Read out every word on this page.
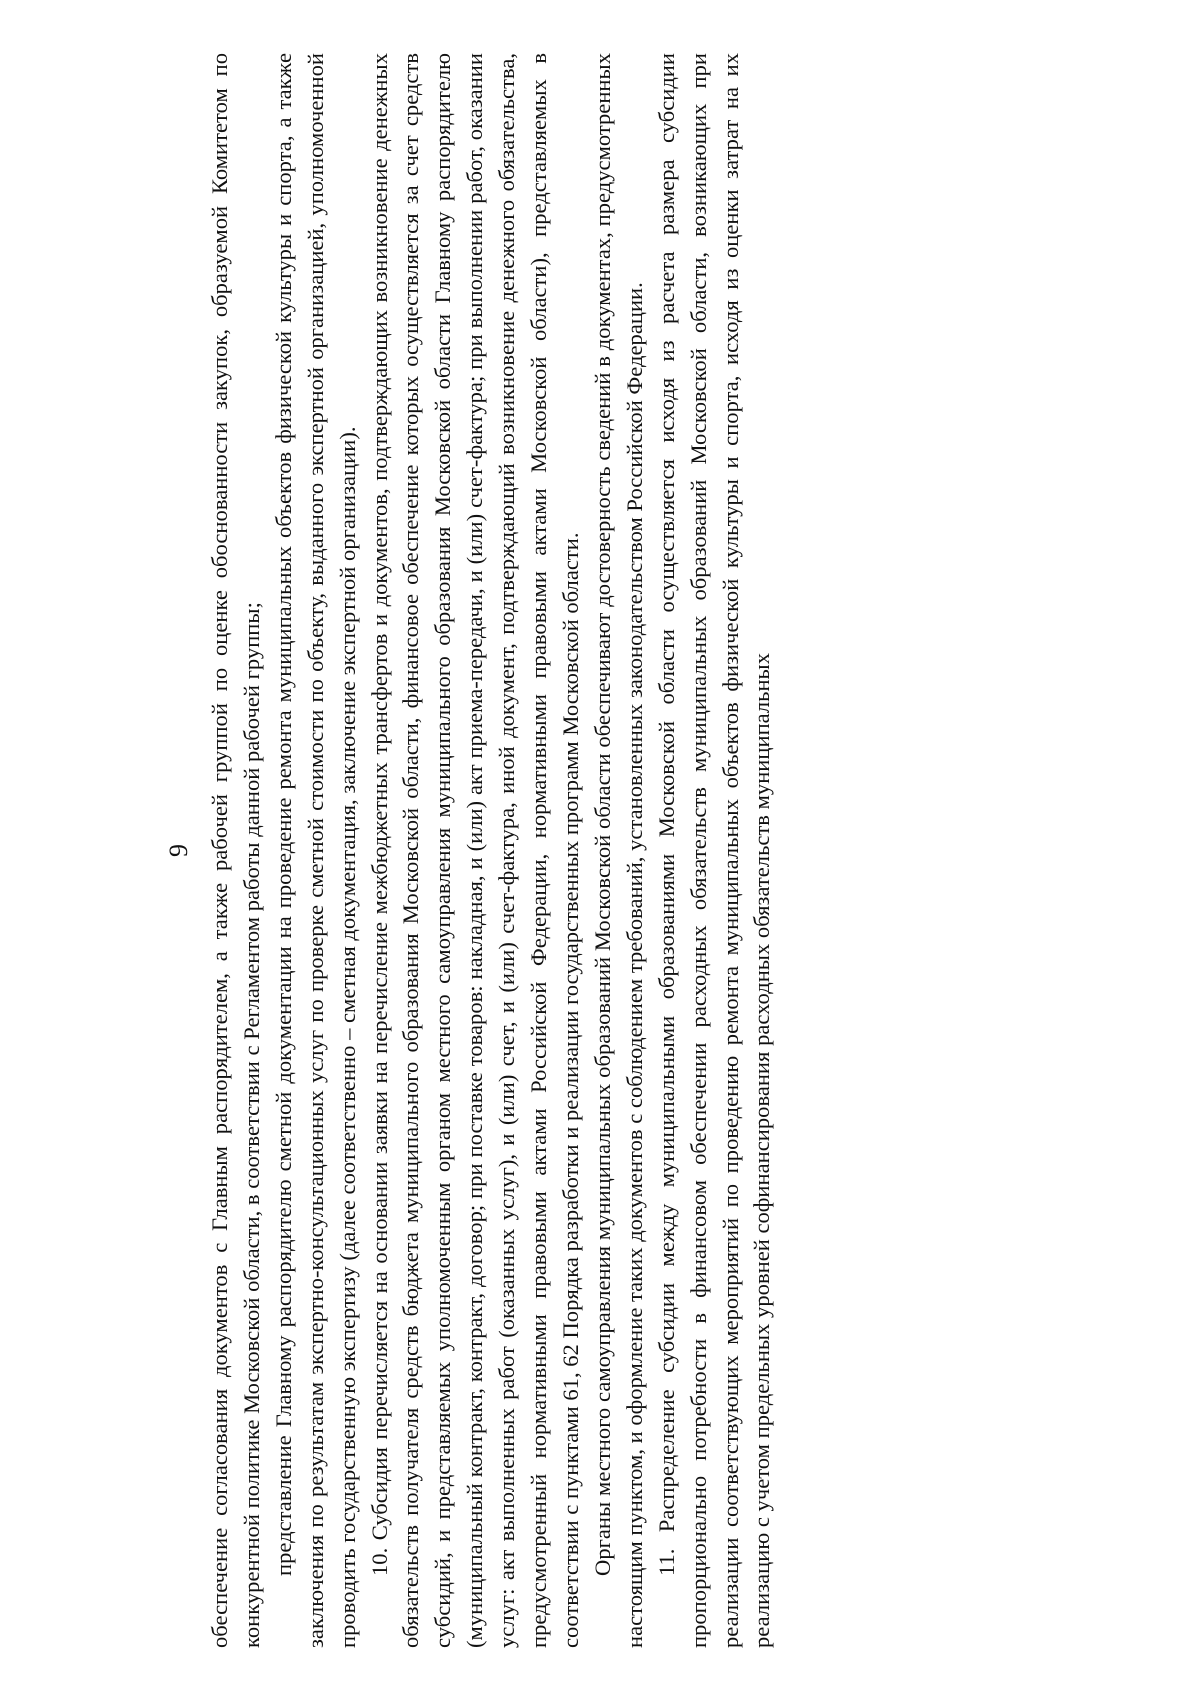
9 обеспечение согласования документов с Главным распорядителем, а также рабочей группой по оценке обоснованности закупок, образуемой Комитетом по конкурентной политике Московской области, в соответствии с Регламентом работы данной рабочей группы; представление Главному распорядителю сметной документации на проведение ремонта муниципальных объектов физической культуры и спорта, а также заключения по результатам экспертно-консультационных услуг по проверке сметной стоимости по объекту, выданного экспертной организацией, уполномоченной проводить государственную экспертизу (далее соответственно – сметная документация, заключение экспертной организации). 10. Субсидия перечисляется на основании заявки на перечисление межбюджетных трансфертов и документов, подтверждающих возникновение денежных обязательств получателя средств бюджета муниципального образования Московской области, финансовое обеспечение которых осуществляется за счет средств субсидий, и представляемых уполномоченным органом местного самоуправления муниципального образования Московской области Главному распорядителю (муниципальный контракт, контракт, договор; при поставке товаров: накладная, и (или) акт приема-передачи, и (или) счет-фактура; при выполнении работ, оказании услуг: акт выполненных работ (оказанных услуг), и (или) счет, и (или) счет-фактура, иной документ, подтверждающий возникновение денежного обязательства, предусмотренный нормативными правовыми актами Российской Федерации, нормативными правовыми актами Московской области), представляемых в соответствии с пунктами 61, 62 Порядка разработки и реализации государственных программ Московской области. Органы местного самоуправления муниципальных образований Московской области обеспечивают достоверность сведений в документах, предусмотренных настоящим пунктом, и оформление таких документов с соблюдением требований, установленных законодательством Российской Федерации. 11. Распределение субсидии между муниципальными образованиями Московской области осуществляется исходя из расчета размера субсидии пропорционально потребности в финансовом обеспечении расходных обязательств муниципальных образований Московской области, возникающих при реализации соответствующих мероприятий по проведению ремонта муниципальных объектов физической культуры и спорта, исходя из оценки затрат на их реализацию с учетом предельных уровней софинансирования расходных обязательств муниципальных
